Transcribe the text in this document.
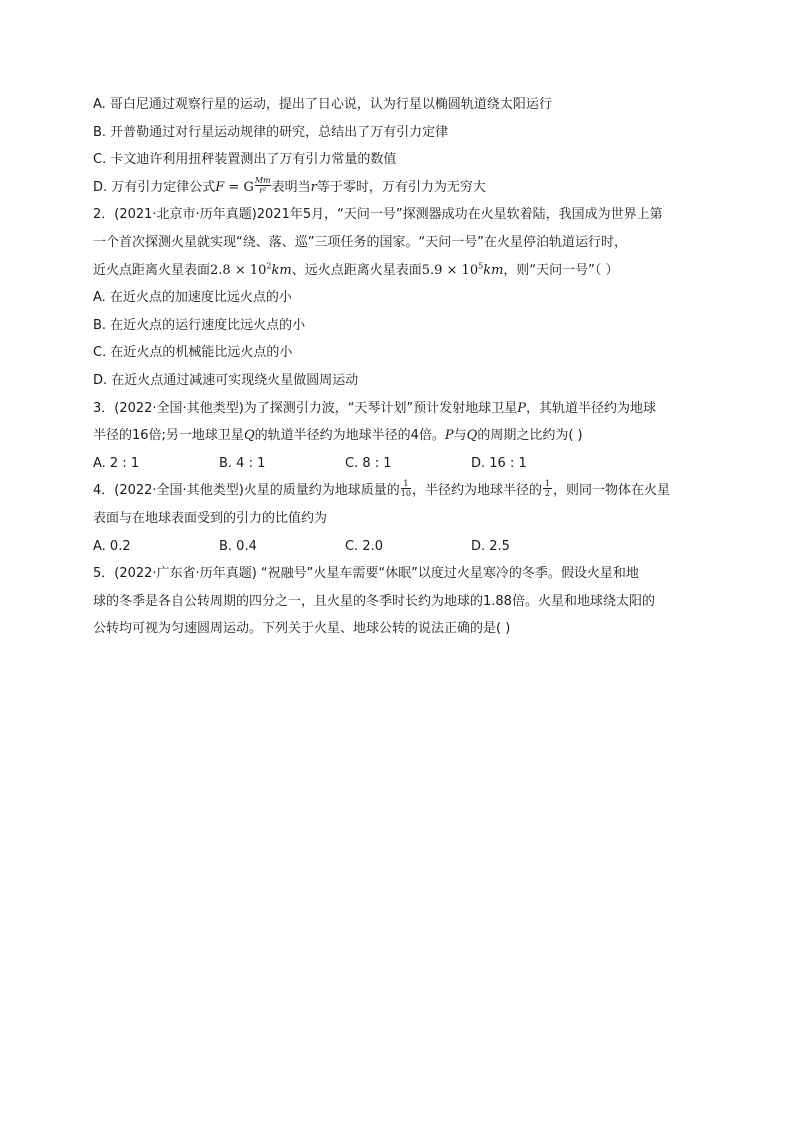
A. 哥白尼通过观察行星的运动，提出了日心说，认为行星以椭圆轨道绕太阳运行
B. 开普勒通过对行星运动规律的研究，总结出了万有引力定律
C. 卡文迪许利用扭秤装置测出了万有引力常量的数值
D. 万有引力定律公式F = G $\frac{Mm}{\text{r²}}$ 表明当r等于零时，万有引力为无穷大
2．(2021·北京市·历年真题)2021年5月，“天问一号”探测器成功在火星软着陆，我国成为世界上第
一个首次探测火星就实现“绕、落、巡”三项任务的国家。“天问一号”在火星停泊轨道运行时，
近火点距离火星表面$2.8 \times 10^2km$、远火点距离火星表面$5.9 \times 10^5km$，则“天问一号”（ ）
A. 在近火点的加速度比远火点的小
B. 在近火点的运行速度比远火点的小
C. 在近火点的机械能比远火点的小
D. 在近火点通过减速可实现绕火星做圆周运动
3．(2022·全国·其他类型)为了探测引力波，“天琴计划”预计发射地球卫星P，其轨道半径约为地球
半径的16倍;另一地球卫星Q的轨道半径约为地球半径的4倍。P与Q的周期之比约为( )
A. 2 : 1	B. 4 : 1	C. 8 : 1	D. 16 : 1
4．(2022·全国·其他类型)火星的质量约为地球质量的 $\frac{1}{10}$ ，半径约为地球半径的 $\frac{1}{2}$ ，则同一物体在火星
表面与在地球表面受到的引力的比值约为
A. 0.2	B. 0.4	C. 2.0	D. 2.5
5．(2022·广东省·历年真题) “祝融号”火星车需要“休眠”以度过火星寒冷的冬季。假设火星和地
球的冬季是各自公转周期的四分之一，且火星的冬季时长约为地球的1.88倍。火星和地球绕太阳的
公转均可视为匀速圆周运动。下列关于火星、地球公转的说法正确的是( )
